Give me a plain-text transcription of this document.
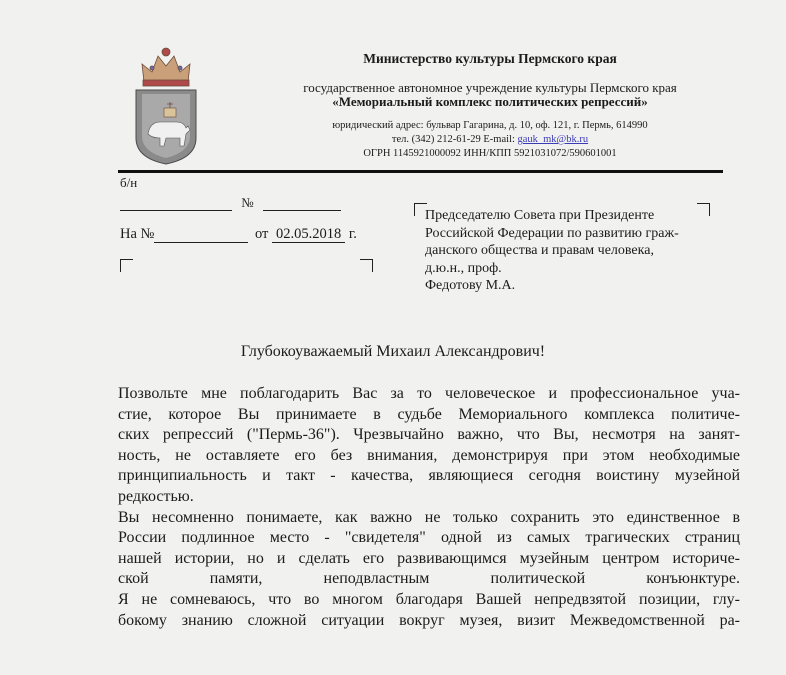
Министерство культуры Пермского края
государственное автономное учреждение культуры Пермского края
«Мемориальный комплекс политических репрессий»
юридический адрес: бульвар Гагарина, д. 10, оф. 121, г. Пермь, 614990
тел. (342) 212-61-29 E-mail: gauk_mk@bk.ru
ОГРН 1145921000092 ИНН/КПП 5921031072/590601001
б/н
№
На №	от 02.05.2018 г.
Председателю Совета при Президенте
Российской Федерации по развитию граж-
данского общества и правам человека,
д.ю.н., проф.
Федотову М.А.
Глубокоуважаемый Михаил Александрович!
Позвольте мне поблагодарить Вас за то человеческое и профессиональное уча-
стие, которое Вы принимаете в судьбе Мемориального комплекса политиче-
ских репрессий ("Пермь-36"). Чрезвычайно важно, что Вы, несмотря на занят-
ность, не оставляете его без внимания, демонстрируя при этом необходимые
принципиальность и такт - качества, являющиеся сегодня воистину музейной
редкостью.
Вы несомненно понимаете, как важно не только сохранить это единственное в
России подлинное место - "свидетеля" одной из самых трагических страниц
нашей истории, но и сделать его развивающимся музейным центром историче-
ской памяти, неподвластным политической конъюнктуре.
Я не сомневаюсь, что во многом благодаря Вашей непредвзятой позиции, глу-
бокому знанию сложной ситуации вокруг музея, визит Межведомственной ра-
